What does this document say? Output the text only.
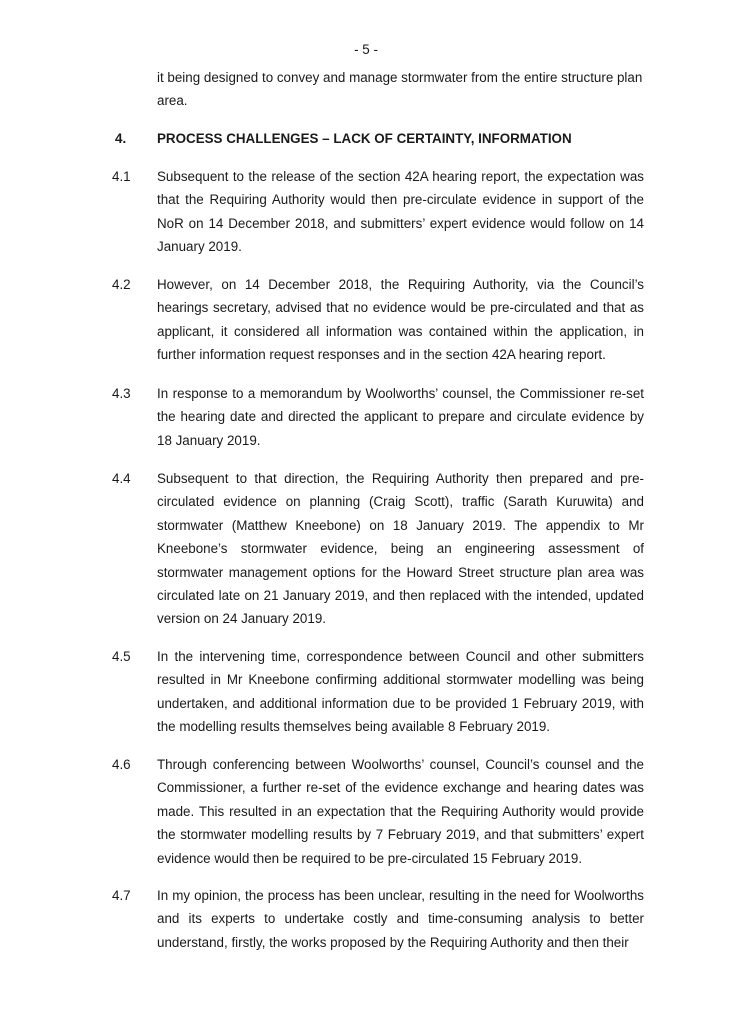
- 5 -
it being designed to convey and manage stormwater from the entire structure plan area.
4. PROCESS CHALLENGES – LACK OF CERTAINTY, INFORMATION
4.1 Subsequent to the release of the section 42A hearing report, the expectation was that the Requiring Authority would then pre-circulate evidence in support of the NoR on 14 December 2018, and submitters’ expert evidence would follow on 14 January 2019.
4.2 However, on 14 December 2018, the Requiring Authority, via the Council’s hearings secretary, advised that no evidence would be pre-circulated and that as applicant, it considered all information was contained within the application, in further information request responses and in the section 42A hearing report.
4.3 In response to a memorandum by Woolworths’ counsel, the Commissioner re-set the hearing date and directed the applicant to prepare and circulate evidence by 18 January 2019.
4.4 Subsequent to that direction, the Requiring Authority then prepared and pre-circulated evidence on planning (Craig Scott), traffic (Sarath Kuruwita) and stormwater (Matthew Kneebone) on 18 January 2019. The appendix to Mr Kneebone’s stormwater evidence, being an engineering assessment of stormwater management options for the Howard Street structure plan area was circulated late on 21 January 2019, and then replaced with the intended, updated version on 24 January 2019.
4.5 In the intervening time, correspondence between Council and other submitters resulted in Mr Kneebone confirming additional stormwater modelling was being undertaken, and additional information due to be provided 1 February 2019, with the modelling results themselves being available 8 February 2019.
4.6 Through conferencing between Woolworths’ counsel, Council’s counsel and the Commissioner, a further re-set of the evidence exchange and hearing dates was made. This resulted in an expectation that the Requiring Authority would provide the stormwater modelling results by 7 February 2019, and that submitters’ expert evidence would then be required to be pre-circulated 15 February 2019.
4.7 In my opinion, the process has been unclear, resulting in the need for Woolworths and its experts to undertake costly and time-consuming analysis to better understand, firstly, the works proposed by the Requiring Authority and then their
